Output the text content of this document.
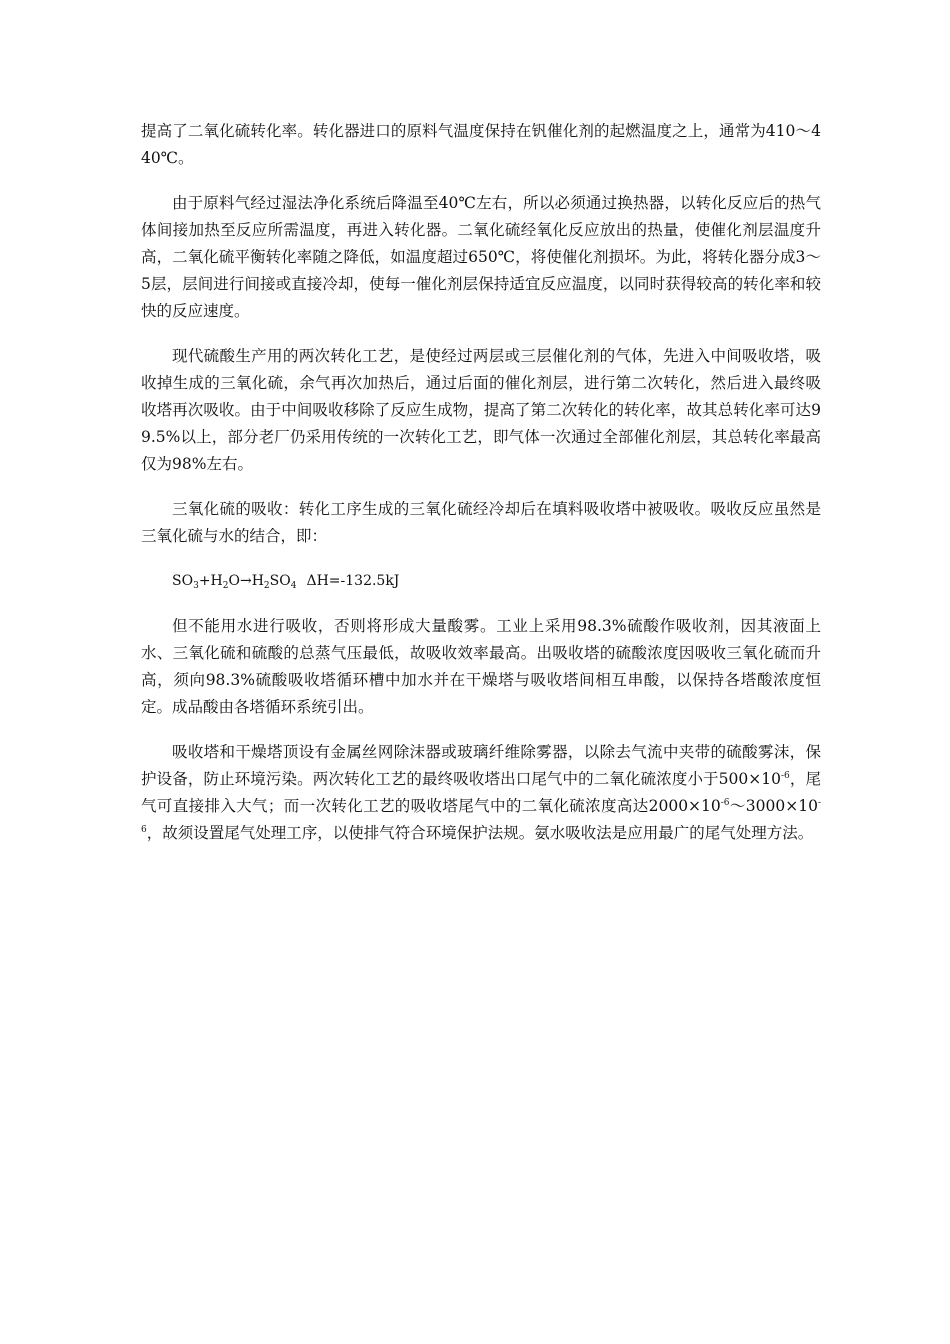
提高了二氧化硫转化率。转化器进口的原料气温度保持在钒催化剂的起燃温度之上，通常为410～440℃。

由于原料气经过湿法净化系统后降温至40℃左右，所以必须通过换热器，以转化反应后的热气体间接加热至反应所需温度，再进入转化器。二氧化硫经氧化反应放出的热量，使催化剂层温度升高，二氧化硫平衡转化率随之降低，如温度超过650℃，将使催化剂损坏。为此，将转化器分成3～5层，层间进行间接或直接冷却，使每一催化剂层保持适宜反应温度，以同时获得较高的转化率和较快的反应速度。

现代硫酸生产用的两次转化工艺，是使经过两层或三层催化剂的气体，先进入中间吸收塔，吸收掉生成的三氧化硫，余气再次加热后，通过后面的催化剂层，进行第二次转化，然后进入最终吸收塔再次吸收。由于中间吸收移除了反应生成物，提高了第二次转化的转化率，故其总转化率可达99.5%以上，部分老厂仍采用传统的一次转化工艺，即气体一次通过全部催化剂层，其总转化率最高仅为98%左右。

三氧化硫的吸收：转化工序生成的三氧化硫经冷却后在填料吸收塔中被吸收。吸收反应虽然是三氧化硫与水的结合，即：

$SO_3+H_2O\to H_2SO_4$ ΔH=-132.5kJ

但不能用水进行吸收，否则将形成大量酸雾。工业上采用98.3%硫酸作吸收剂，因其液面上水、三氧化硫和硫酸的总蒸气压最低，故吸收效率最高。出吸收塔的硫酸浓度因吸收三氧化硫而升高，须向98.3%硫酸吸收塔循环槽中加水并在干燥塔与吸收塔间相互串酸，以保持各塔酸浓度恒定。成品酸由各塔循环系统引出。

吸收塔和干燥塔顶设有金属丝网除沫器或玻璃纤维除雾器，以除去气流中夹带的硫酸雾沫，保护设备，防止环境污染。两次转化工艺的最终吸收塔出口尾气中的二氧化硫浓度小于$500\times 10^{-6}$，尾气可直接排入大气；而一次转化工艺的吸收塔尾气中的二氧化硫浓度高达$2000\times 10^{-6}\sim 3000\times 10^{-6}$，故须设置尾气处理工序，以使排气符合环境保护法规。氨水吸收法是应用最广的尾气处理方法。
